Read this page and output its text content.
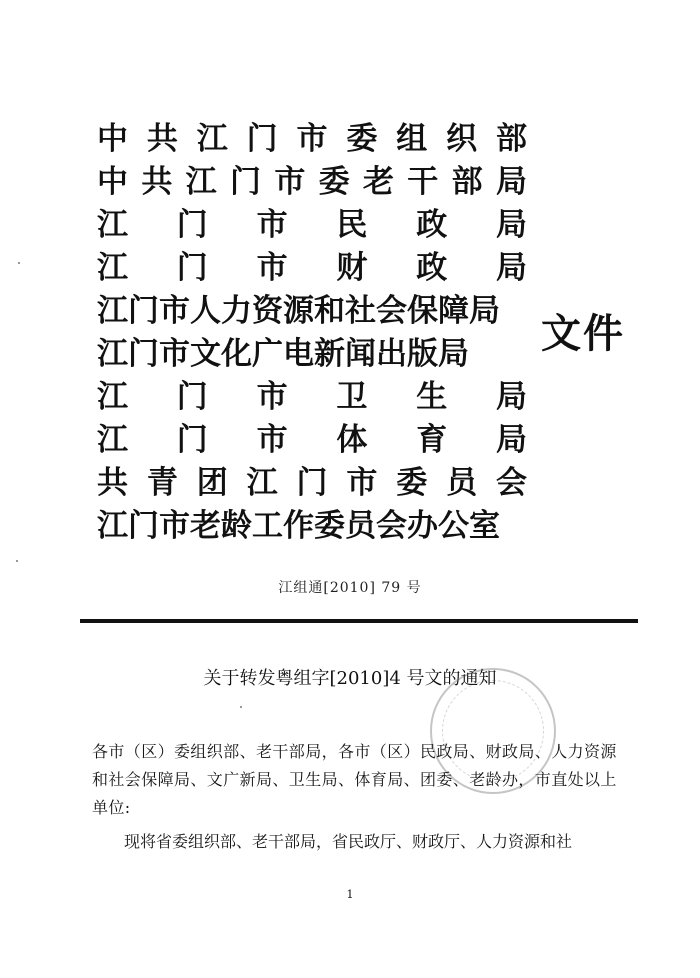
中 共 江 门 市 委 组 织 部
中 共 江 门 市 委 老 干 部 局
江 门 市 民 政 局
江 门 市 财 政 局
江门市人力资源和社会保障局
江门市文化广电新闻出版局
江 门 市 卫 生 局
江 门 市 体 育 局
共 青 团 江 门 市 委 员 会
江门市老龄工作委员会办公室
文件
江组通[2010] 79 号
关于转发粤组字[2010]4 号文的通知

各市（区）委组织部、老干部局，各市（区）民政局、财政局、人力资源和社会保障局、文广新局、卫生局、体育局、团委、老龄办，市直处以上单位:

现将省委组织部、老干部局，省民政厅、财政厅、人力资源和社

1
